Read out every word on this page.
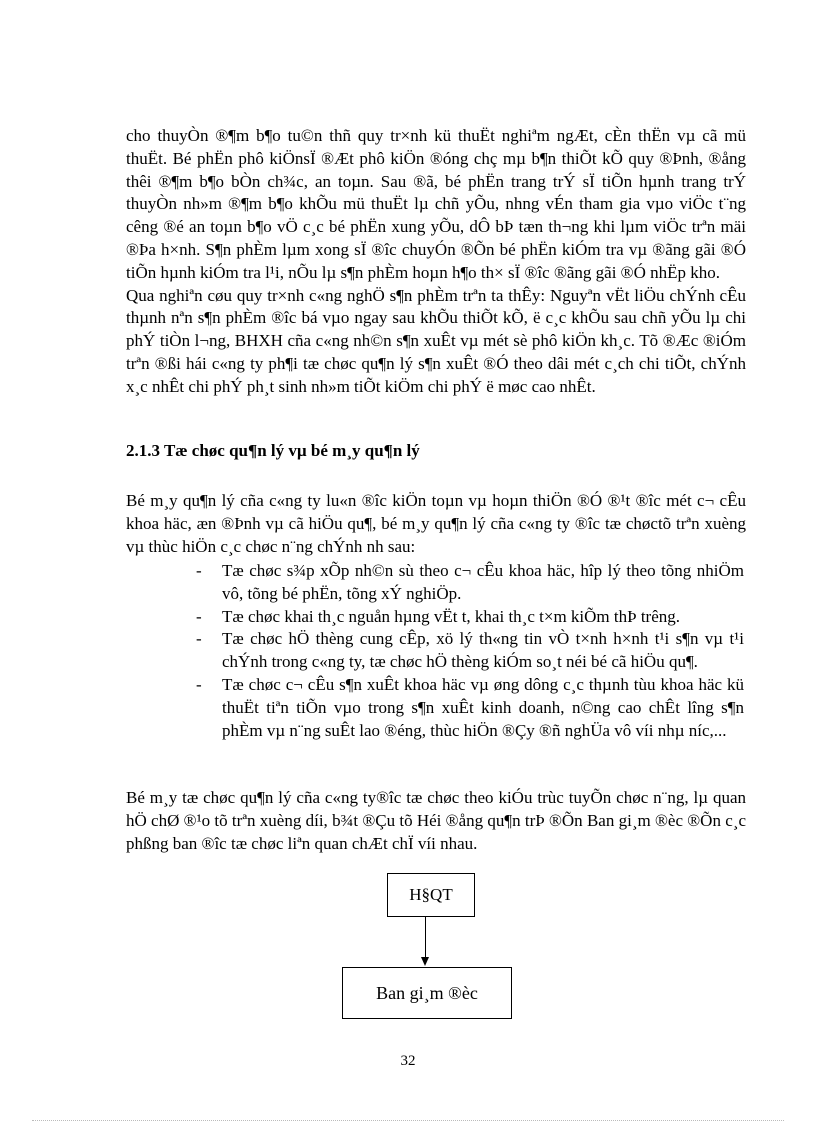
cho thuyÒn ®¶m b¶o tu©n thñ quy tr×nh kü thuËt nghiªm ngÆt, cÈn thËn vµ cã mü thuËt. Bé phËn phô kiÖnsÏ ®Æt phô kiÖn ®óng chç mµ b¶n thiÕt kÕ quy ®Þnh, ®ång thêi ®¶m b¶o bÒn ch¾c, an toµn. Sau ®ã, bé phËn trang trÝ sÏ tiÕn hµnh trang trÝ thuyÒn nh»m ®¶m b¶o khÕu mü thuËt lµ chñ yÕu, nhng vÉn tham gia vµo viÖc t¨ng cêng ®é an toµn b¶o vÖ c¸c bé phËn xung yÕu, dÔ bÞ tæn th¬ng khi lµm viÖc trªn mäi ®Þa h×nh. S¶n phÈm lµm xong sÏ ®îc chuyÓn ®Õn bé phËn kiÓm tra vµ ®ãng gãi ®Ó tiÕn hµnh kiÓm tra l¹i, nÕu lµ s¶n phÈm hoµn h¶o th× sÏ ®îc ®ãng gãi ®Ó nhËp kho.

Qua nghiªn cøu quy tr×nh c«ng nghÖ s¶n phÈm trªn ta thÊy: Nguyªn vËt liÖu chÝnh cÊu thµnh nªn s¶n phÈm ®îc bá vµo ngay sau khÕu thiÕt kÕ, ë c¸c khÕu sau chñ yÕu lµ chi phÝ tiÒn l¬ng, BHXH cña c«ng nh©n s¶n xuÊt vµ mét sè phô kiÖn kh¸c. Tõ ®Æc ®iÓm trªn ®ßi hái c«ng ty ph¶i tæ chøc qu¶n lý s¶n xuÊt ®Ó theo dâi mét c¸ch chi tiÕt, chÝnh x¸c nhÊt chi phÝ ph¸t sinh nh»m tiÕt kiÖm chi phÝ ë møc cao nhÊt.

2.1.3 Tæ chøc qu¶n lý vµ bé m¸y qu¶n lý
Bé m¸y qu¶n lý cña c«ng ty lu«n ®îc kiÖn toµn vµ hoµn thiÖn ®Ó ®¹t ®îc mét c¬ cÊu khoa häc, æn ®Þnh vµ cã hiÖu qu¶, bé m¸y qu¶n lý cña c«ng ty ®îc tæ chøctõ trªn xuèng vµ thùc hiÖn c¸c chøc n¨ng chÝnh nh sau:
- Tæ chøc s¾p xÕp nh©n sù theo c¬ cÊu khoa häc, hîp lý theo tõng nhiÖm vô, tõng bé phËn, tõng xÝ nghiÖp.
- Tæ chøc khai th¸c nguån hµng vËt t, khai th¸c t×m kiÕm thÞ trêng.
- Tæ chøc hÖ thèng cung cÊp, xö lý th«ng tin vÒ t×nh h×nh t¹i s¶n vµ t¹i chÝnh trong c«ng ty, tæ chøc hÖ thèng kiÓm so¸t néi bé cã hiÖu qu¶.
- Tæ chøc c¬ cÊu s¶n xuÊt khoa häc vµ øng dông c¸c thµnh tùu khoa häc kü thuËt tiªn tiÕn vµo trong s¶n xuÊt kinh doanh, n©ng cao chÊt lîng s¶n phÈm vµ n¨ng suÊt lao ®éng, thùc hiÖn ®Çy ®ñ nghÜa vô víi nhµ níc,...
Bé m¸y tæ chøc qu¶n lý cña c«ng ty®îc tæ chøc theo kiÓu trùc tuyÕn chøc n¨ng, lµ quan hÖ chØ ®¹o tõ trªn xuèng díi, b¾t ®Çu tõ Héi ®ång qu¶n trÞ ®Õn Ban gi¸m ®èc ®Õn c¸c phßng ban ®îc tæ chøc liªn quan chÆt chÏ víi nhau.
H§QT
Ban gi¸m ®èc
32
